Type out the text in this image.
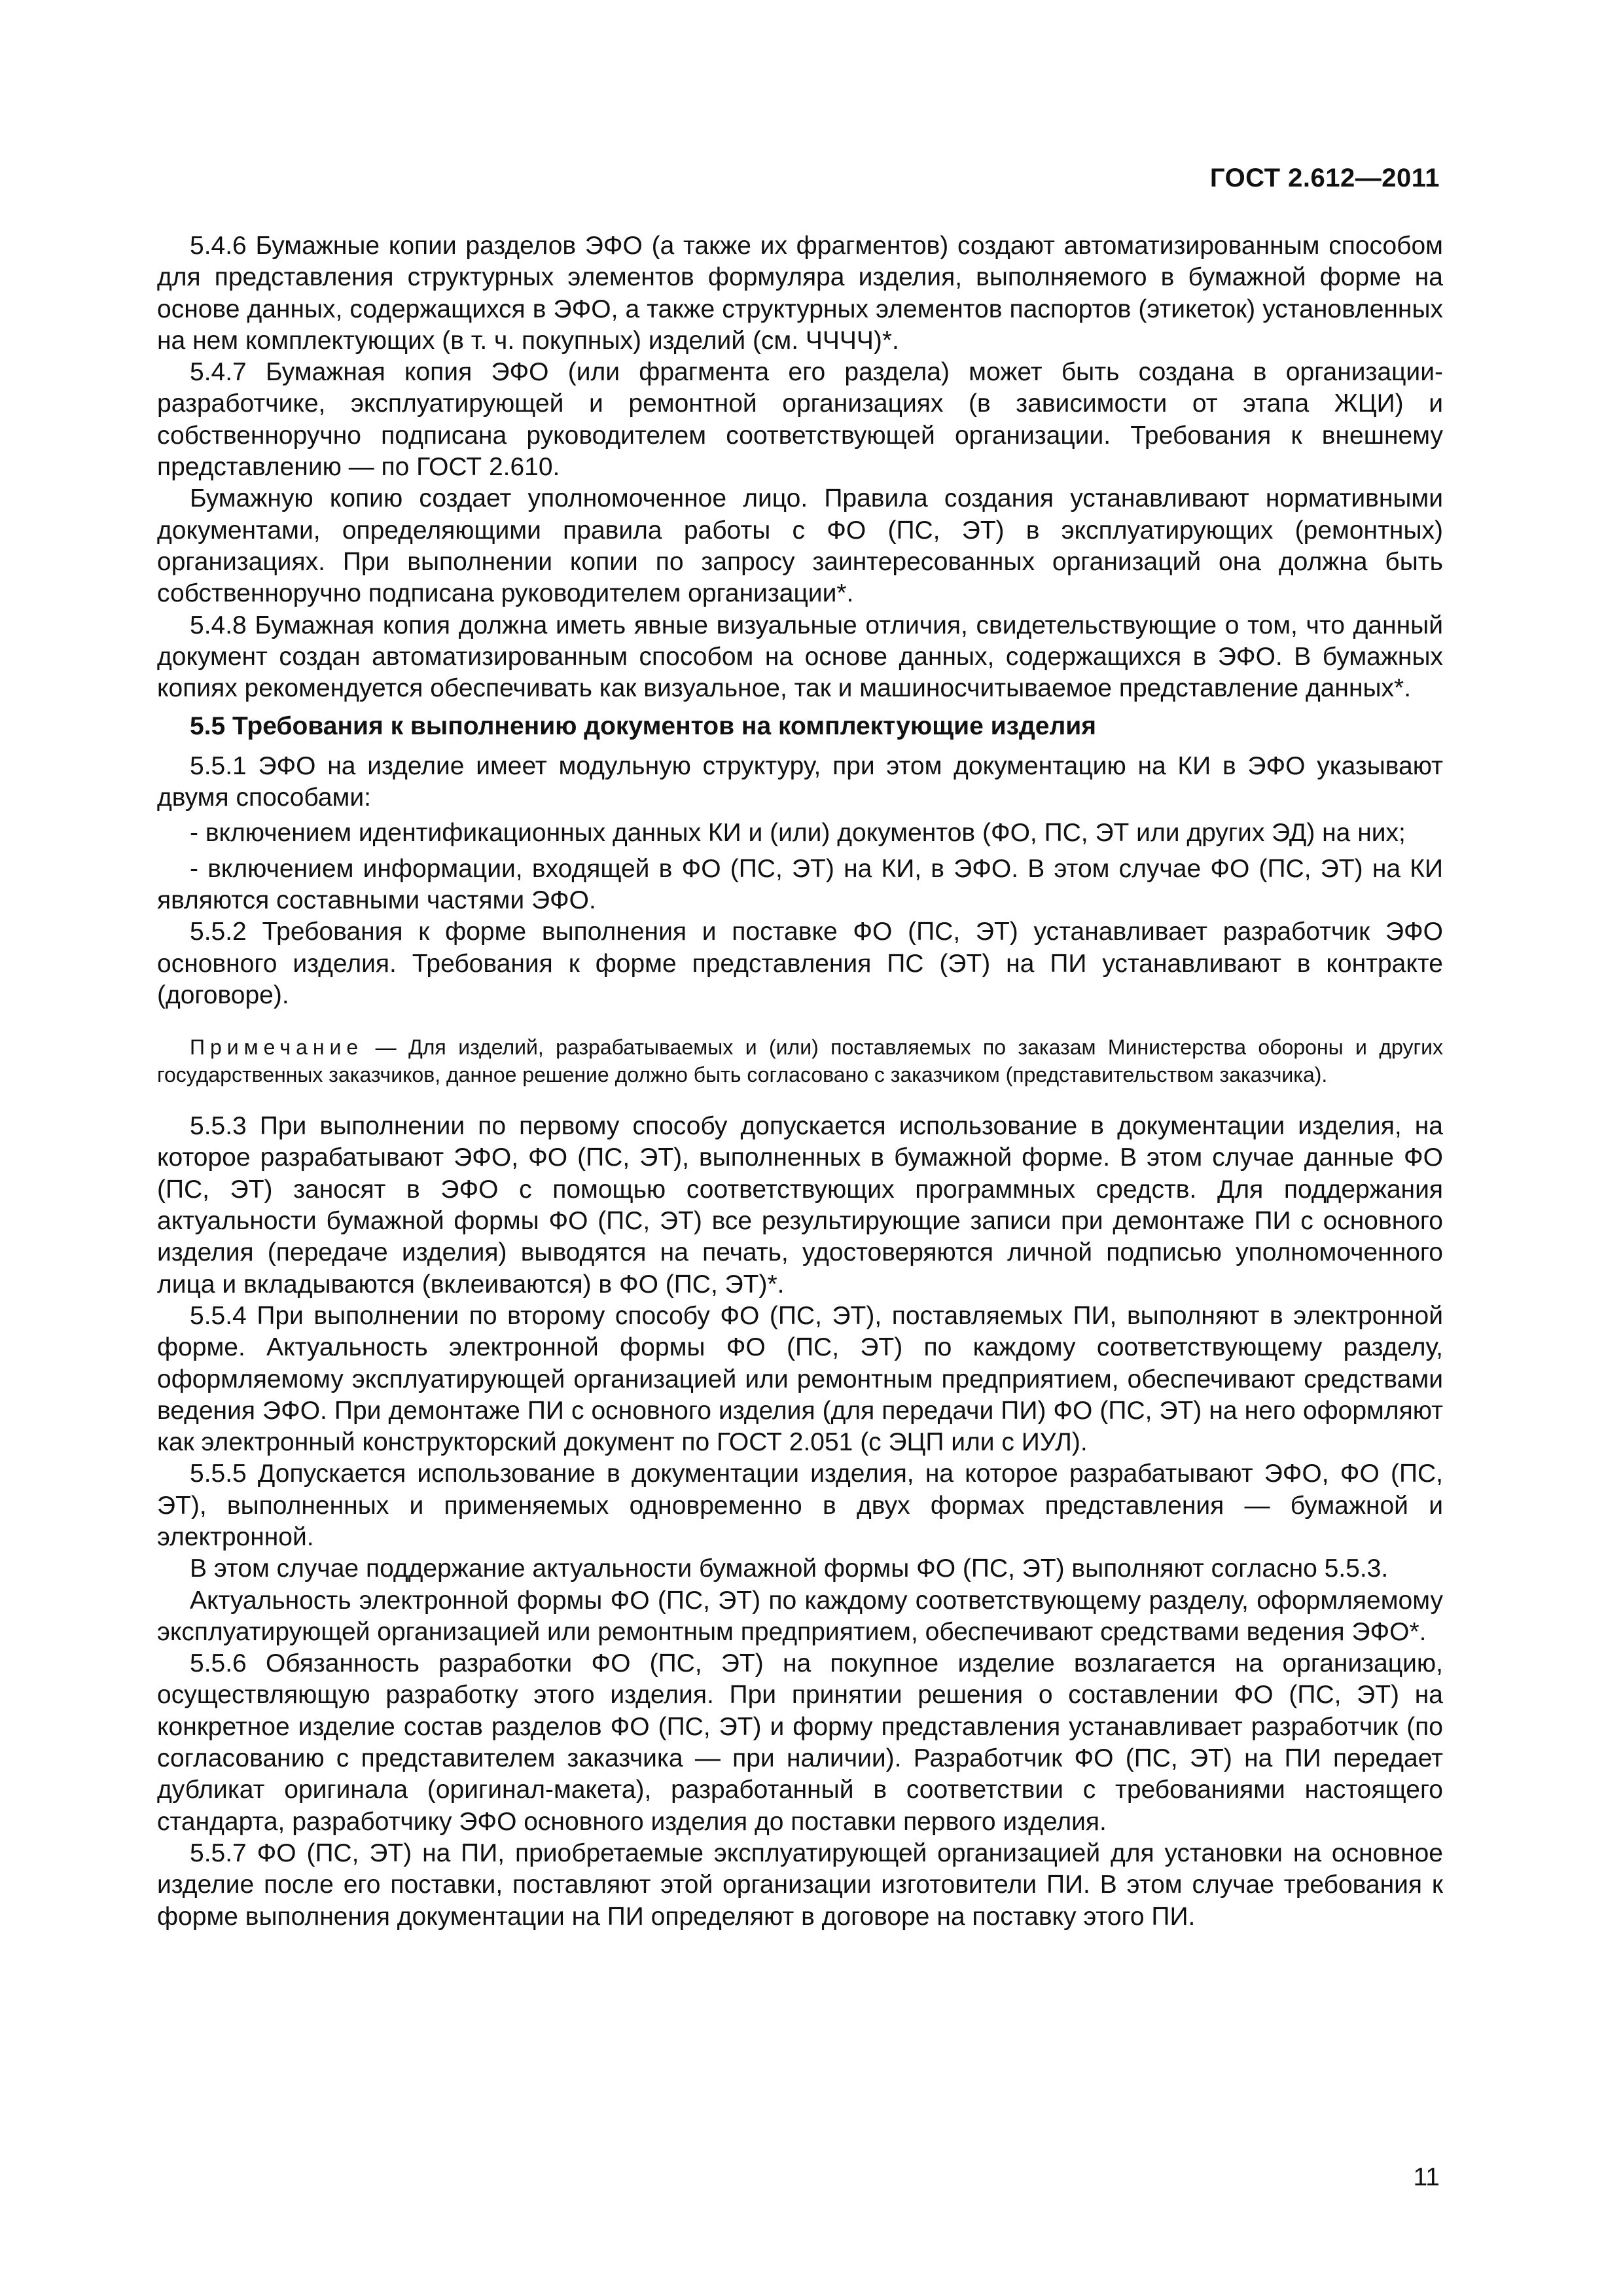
ГОСТ 2.612—2011

5.4.6 Бумажные копии разделов ЭФО (а также их фрагментов) создают автоматизированным способом для представления структурных элементов формуляра изделия, выполняемого в бумажной форме на основе данных, содержащихся в ЭФО, а также структурных элементов паспортов (этикеток) установленных на нем комплектующих (в т. ч. покупных) изделий (см. ЧЧЧЧ)*.

5.4.7 Бумажная копия ЭФО (или фрагмента его раздела) может быть создана в организации-разработчике, эксплуатирующей и ремонтной организациях (в зависимости от этапа ЖЦИ) и собственноручно подписана руководителем соответствующей организации. Требования к внешнему представлению — по ГОСТ 2.610.

Бумажную копию создает уполномоченное лицо. Правила создания устанавливают нормативными документами, определяющими правила работы с ФО (ПС, ЭТ) в эксплуатирующих (ремонтных) организациях. При выполнении копии по запросу заинтересованных организаций она должна быть собственноручно подписана руководителем организации*.

5.4.8 Бумажная копия должна иметь явные визуальные отличия, свидетельствующие о том, что данный документ создан автоматизированным способом на основе данных, содержащихся в ЭФО. В бумажных копиях рекомендуется обеспечивать как визуальное, так и машиносчитываемое представление данных*.

5.5 Требования к выполнению документов на комплектующие изделия

5.5.1 ЭФО на изделие имеет модульную структуру, при этом документацию на КИ в ЭФО указывают двумя способами:

- включением идентификационных данных КИ и (или) документов (ФО, ПС, ЭТ или других ЭД) на них;

- включением информации, входящей в ФО (ПС, ЭТ) на КИ, в ЭФО. В этом случае ФО (ПС, ЭТ) на КИ являются составными частями ЭФО.

5.5.2 Требования к форме выполнения и поставке ФО (ПС, ЭТ) устанавливает разработчик ЭФО основного изделия. Требования к форме представления ПС (ЭТ) на ПИ устанавливают в контракте (договоре).

Примечание — Для изделий, разрабатываемых и (или) поставляемых по заказам Министерства обороны и других государственных заказчиков, данное решение должно быть согласовано с заказчиком (представительством заказчика).

5.5.3 При выполнении по первому способу допускается использование в документации изделия, на которое разрабатывают ЭФО, ФО (ПС, ЭТ), выполненных в бумажной форме. В этом случае данные ФО (ПС, ЭТ) заносят в ЭФО с помощью соответствующих программных средств. Для поддержания актуальности бумажной формы ФО (ПС, ЭТ) все результирующие записи при демонтаже ПИ с основного изделия (передаче изделия) выводятся на печать, удостоверяются личной подписью уполномоченного лица и вкладываются (вклеиваются) в ФО (ПС, ЭТ)*.

5.5.4 При выполнении по второму способу ФО (ПС, ЭТ), поставляемых ПИ, выполняют в электронной форме. Актуальность электронной формы ФО (ПС, ЭТ) по каждому соответствующему разделу, оформляемому эксплуатирующей организацией или ремонтным предприятием, обеспечивают средствами ведения ЭФО. При демонтаже ПИ с основного изделия (для передачи ПИ) ФО (ПС, ЭТ) на него оформляют как электронный конструкторский документ по ГОСТ 2.051 (с ЭЦП или с ИУЛ).

5.5.5 Допускается использование в документации изделия, на которое разрабатывают ЭФО, ФО (ПС, ЭТ), выполненных и применяемых одновременно в двух формах представления — бумажной и электронной.

В этом случае поддержание актуальности бумажной формы ФО (ПС, ЭТ) выполняют согласно 5.5.3.

Актуальность электронной формы ФО (ПС, ЭТ) по каждому соответствующему разделу, оформляемому эксплуатирующей организацией или ремонтным предприятием, обеспечивают средствами ведения ЭФО*.

5.5.6 Обязанность разработки ФО (ПС, ЭТ) на покупное изделие возлагается на организацию, осуществляющую разработку этого изделия. При принятии решения о составлении ФО (ПС, ЭТ) на конкретное изделие состав разделов ФО (ПС, ЭТ) и форму представления устанавливает разработчик (по согласованию с представителем заказчика — при наличии). Разработчик ФО (ПС, ЭТ) на ПИ передает дубликат оригинала (оригинал-макета), разработанный в соответствии с требованиями настоящего стандарта, разработчику ЭФО основного изделия до поставки первого изделия.

5.5.7 ФО (ПС, ЭТ) на ПИ, приобретаемые эксплуатирующей организацией для установки на основное изделие после его поставки, поставляют этой организации изготовители ПИ. В этом случае требования к форме выполнения документации на ПИ определяют в договоре на поставку этого ПИ.

11
